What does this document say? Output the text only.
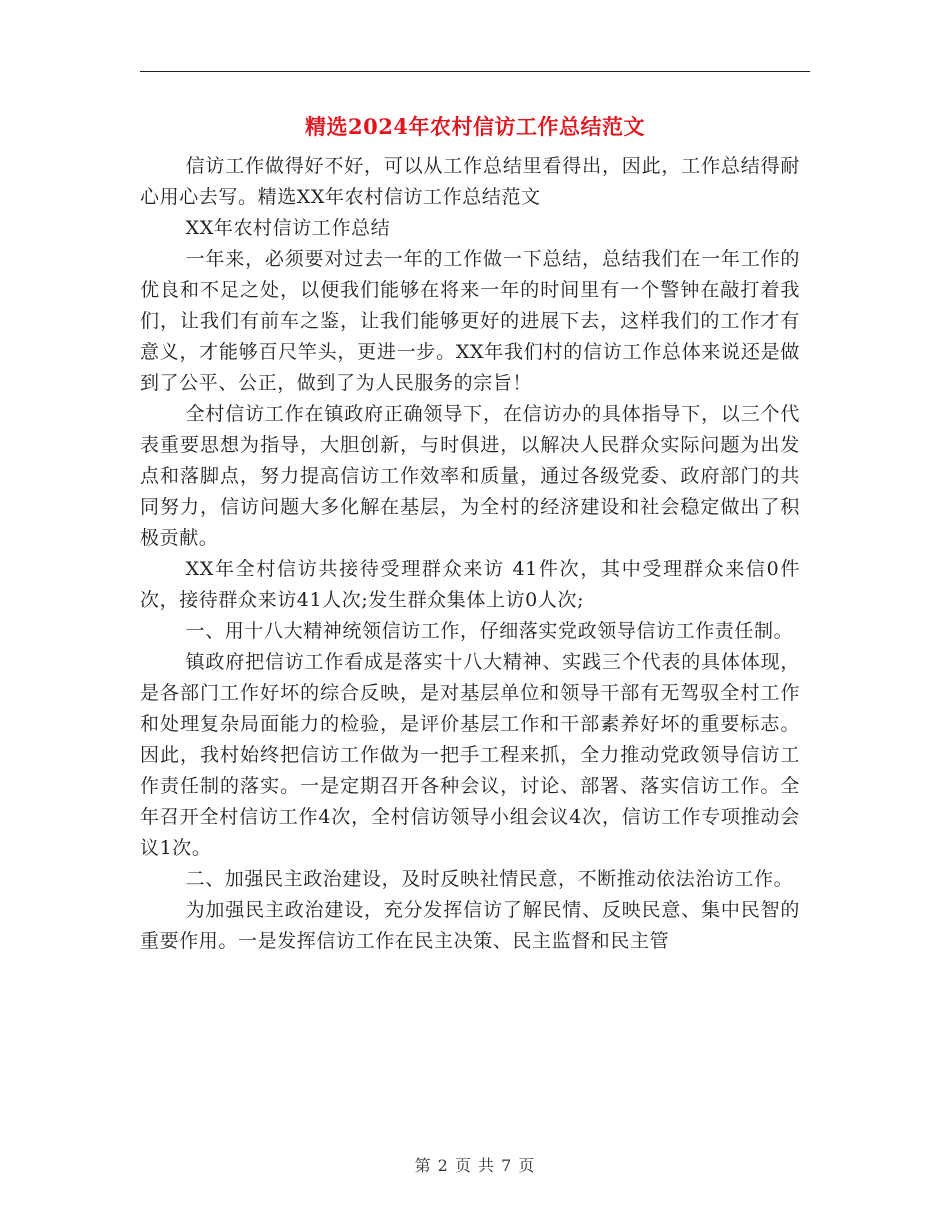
精选2024年农村信访工作总结范文

信访工作做得好不好，可以从工作总结里看得出，因此，工作总结得耐心用心去写。精选XX年农村信访工作总结范文

XX年农村信访工作总结

一年来，必须要对过去一年的工作做一下总结，总结我们在一年工作的优良和不足之处，以便我们能够在将来一年的时间里有一个警钟在敲打着我们，让我们有前车之鉴，让我们能够更好的进展下去，这样我们的工作才有意义，才能够百尺竿头，更进一步。XX年我们村的信访工作总体来说还是做到了公平、公正，做到了为人民服务的宗旨！

全村信访工作在镇政府正确领导下，在信访办的具体指导下，以三个代表重要思想为指导，大胆创新，与时俱进，以解决人民群众实际问题为出发点和落脚点，努力提高信访工作效率和质量，通过各级党委、政府部门的共同努力，信访问题大多化解在基层，为全村的经济建设和社会稳定做出了积极贡献。

XX年全村信访共接待受理群众来访 41件次，其中受理群众来信0件次，接待群众来访41人次;发生群众集体上访0人次;

一、用十八大精神统领信访工作，仔细落实党政领导信访工作责任制。

镇政府把信访工作看成是落实十八大精神、实践三个代表的具体体现，是各部门工作好坏的综合反映，是对基层单位和领导干部有无驾驭全村工作和处理复杂局面能力的检验，是评价基层工作和干部素养好坏的重要标志。因此，我村始终把信访工作做为一把手工程来抓，全力推动党政领导信访工作责任制的落实。一是定期召开各种会议，讨论、部署、落实信访工作。全年召开全村信访工作4次，全村信访领导小组会议4次，信访工作专项推动会议1次。

二、加强民主政治建设，及时反映社情民意，不断推动依法治访工作。

为加强民主政治建设，充分发挥信访了解民情、反映民意、集中民智的重要作用。一是发挥信访工作在民主决策、民主监督和民主管

第 2 页 共 7 页
